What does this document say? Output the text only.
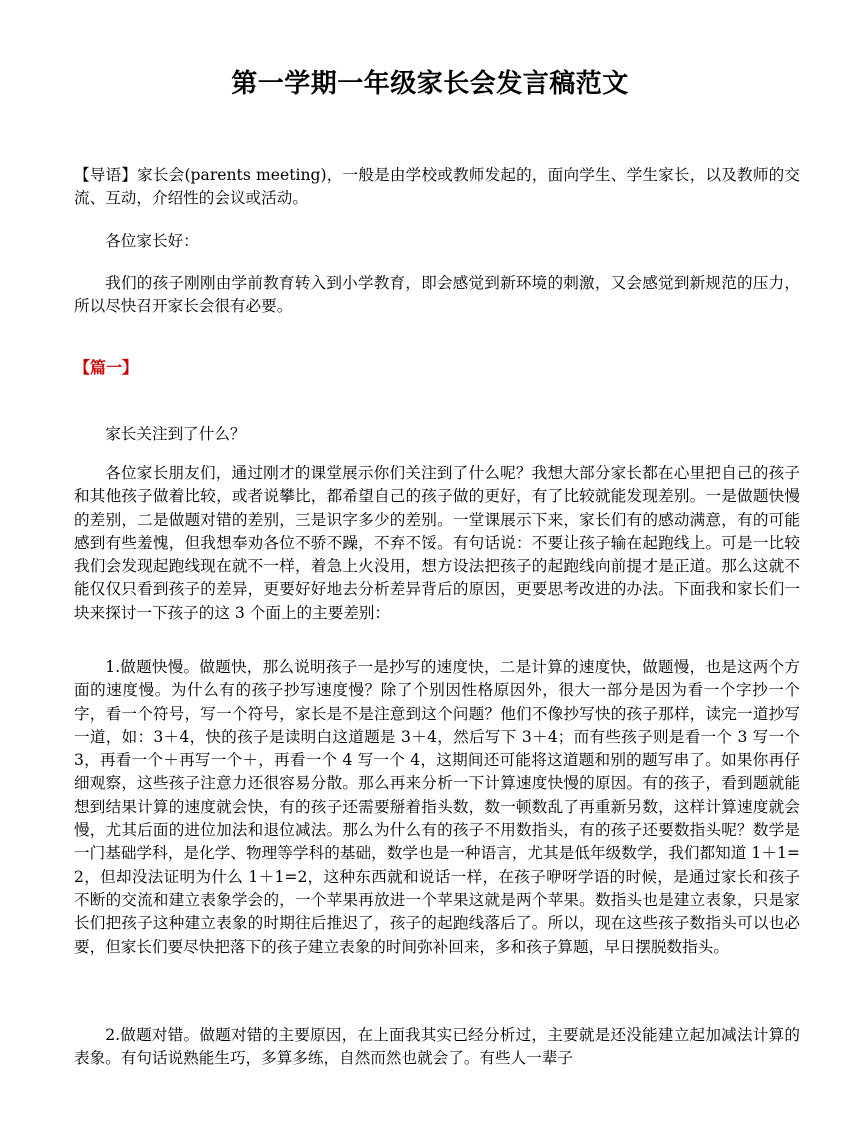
第一学期一年级家长会发言稿范文
【导语】家长会(parents meeting)，一般是由学校或教师发起的，面向学生、学生家长，以及教师的交流、互动，介绍性的会议或活动。
各位家长好：
我们的孩子刚刚由学前教育转入到小学教育，即会感觉到新环境的刺激，又会感觉到新规范的压力，所以尽快召开家长会很有必要。
【篇一】
家长关注到了什么？
各位家长朋友们，通过刚才的课堂展示你们关注到了什么呢？我想大部分家长都在心里把自己的孩子和其他孩子做着比较，或者说攀比，都希望自己的孩子做的更好，有了比较就能发现差别。一是做题快慢的差别，二是做题对错的差别，三是识字多少的差别。一堂课展示下来，家长们有的感动满意，有的可能感到有些羞愧，但我想奉劝各位不骄不躁，不弃不馁。有句话说：不要让孩子输在起跑线上。可是一比较我们会发现起跑线现在就不一样，着急上火没用，想方设法把孩子的起跑线向前提才是正道。那么这就不能仅仅只看到孩子的差异，更要好好地去分析差异背后的原因，更要思考改进的办法。下面我和家长们一块来探讨一下孩子的这 3 个面上的主要差别：
1.做题快慢。做题快，那么说明孩子一是抄写的速度快，二是计算的速度快，做题慢，也是这两个方面的速度慢。为什么有的孩子抄写速度慢？除了个别因性格原因外，很大一部分是因为看一个字抄一个字，看一个符号，写一个符号，家长是不是注意到这个问题？他们不像抄写快的孩子那样，读完一道抄写一道，如：3＋4，快的孩子是读明白这道题是 3＋4，然后写下 3＋4；而有些孩子则是看一个 3 写一个 3，再看一个＋再写一个＋，再看一个 4 写一个 4，这期间还可能将这道题和别的题写串了。如果你再仔细观察，这些孩子注意力还很容易分散。那么再来分析一下计算速度快慢的原因。有的孩子，看到题就能想到结果计算的速度就会快，有的孩子还需要掰着指头数，数一顿数乱了再重新另数，这样计算速度就会慢，尤其后面的进位加法和退位减法。那么为什么有的孩子不用数指头，有的孩子还要数指头呢？数学是一门基础学科，是化学、物理等学科的基础，数学也是一种语言，尤其是低年级数学，我们都知道 1＋1=2，但却没法证明为什么 1＋1=2，这种东西就和说话一样，在孩子咿呀学语的时候，是通过家长和孩子不断的交流和建立表象学会的，一个苹果再放进一个苹果这就是两个苹果。数指头也是建立表象，只是家长们把孩子这种建立表象的时期往后推迟了，孩子的起跑线落后了。所以，现在这些孩子数指头可以也必要，但家长们要尽快把落下的孩子建立表象的时间弥补回来，多和孩子算题，早日摆脱数指头。
2.做题对错。做题对错的主要原因，在上面我其实已经分析过，主要就是还没能建立起加减法计算的表象。有句话说熟能生巧，多算多练，自然而然也就会了。有些人一辈子
